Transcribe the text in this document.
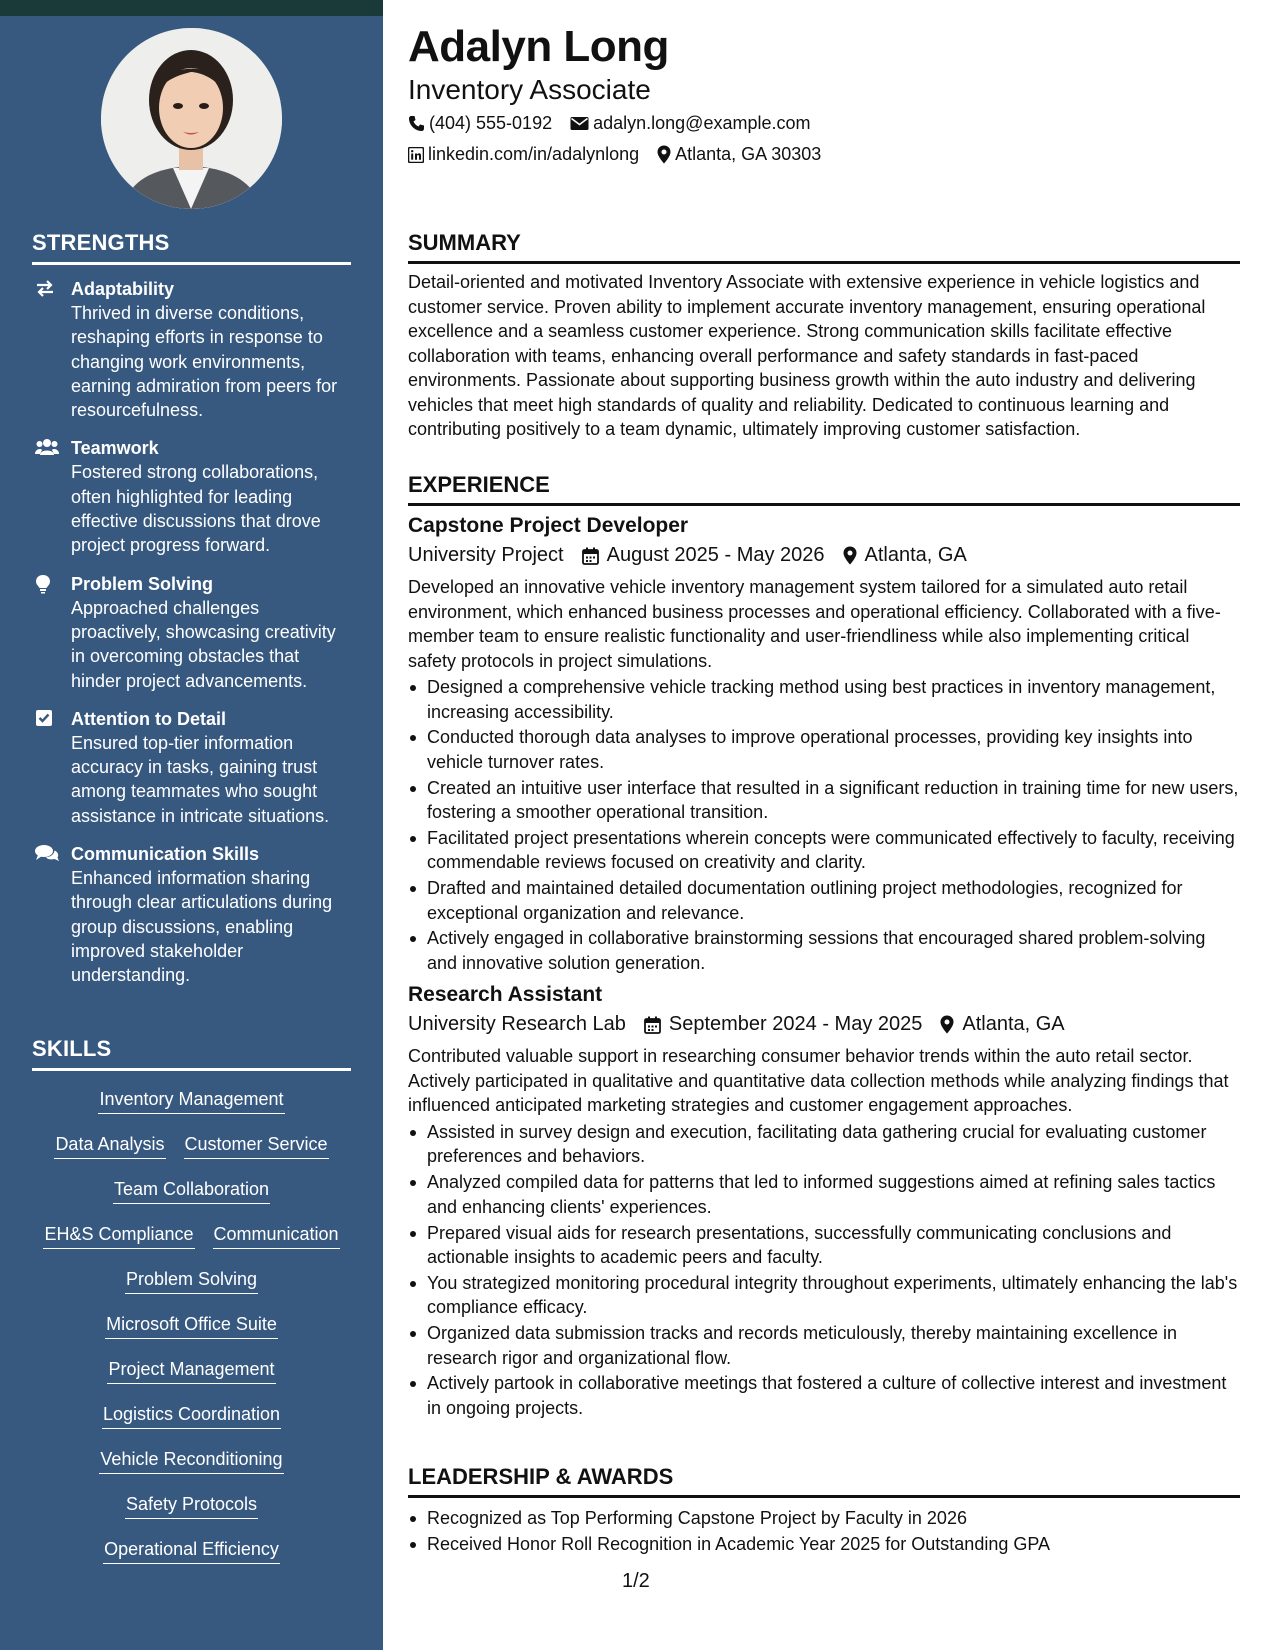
STRENGTHS
Adaptability
Thrived in diverse conditions, reshaping efforts in response to changing work environments, earning admiration from peers for resourcefulness.
Teamwork
Fostered strong collaborations, often highlighted for leading effective discussions that drove project progress forward.
Problem Solving
Approached challenges proactively, showcasing creativity in overcoming obstacles that hinder project advancements.
Attention to Detail
Ensured top-tier information accuracy in tasks, gaining trust among teammates who sought assistance in intricate situations.
Communication Skills
Enhanced information sharing through clear articulations during group discussions, enabling improved stakeholder understanding.
SKILLS
Inventory Management
Data Analysis Customer Service
Team Collaboration
EH&S Compliance Communication
Problem Solving
Microsoft Office Suite
Project Management
Logistics Coordination
Vehicle Reconditioning
Safety Protocols
Operational Efficiency
Adalyn Long
Inventory Associate
(404) 555-0192 adalyn.long@example.com
linkedin.com/in/adalynlong Atlanta, GA 30303
SUMMARY
Detail-oriented and motivated Inventory Associate with extensive experience in vehicle logistics and customer service. Proven ability to implement accurate inventory management, ensuring operational excellence and a seamless customer experience. Strong communication skills facilitate effective collaboration with teams, enhancing overall performance and safety standards in fast-paced environments. Passionate about supporting business growth within the auto industry and delivering vehicles that meet high standards of quality and reliability. Dedicated to continuous learning and contributing positively to a team dynamic, ultimately improving customer satisfaction.
EXPERIENCE
Capstone Project Developer
University Project August 2025 - May 2026 Atlanta, GA
Developed an innovative vehicle inventory management system tailored for a simulated auto retail environment, which enhanced business processes and operational efficiency. Collaborated with a five-member team to ensure realistic functionality and user-friendliness while also implementing critical safety protocols in project simulations.
Designed a comprehensive vehicle tracking method using best practices in inventory management, increasing accessibility.
Conducted thorough data analyses to improve operational processes, providing key insights into vehicle turnover rates.
Created an intuitive user interface that resulted in a significant reduction in training time for new users, fostering a smoother operational transition.
Facilitated project presentations wherein concepts were communicated effectively to faculty, receiving commendable reviews focused on creativity and clarity.
Drafted and maintained detailed documentation outlining project methodologies, recognized for exceptional organization and relevance.
Actively engaged in collaborative brainstorming sessions that encouraged shared problem-solving and innovative solution generation.
Research Assistant
University Research Lab September 2024 - May 2025 Atlanta, GA
Contributed valuable support in researching consumer behavior trends within the auto retail sector. Actively participated in qualitative and quantitative data collection methods while analyzing findings that influenced anticipated marketing strategies and customer engagement approaches.
Assisted in survey design and execution, facilitating data gathering crucial for evaluating customer preferences and behaviors.
Analyzed compiled data for patterns that led to informed suggestions aimed at refining sales tactics and enhancing clients' experiences.
Prepared visual aids for research presentations, successfully communicating conclusions and actionable insights to academic peers and faculty.
You strategized monitoring procedural integrity throughout experiments, ultimately enhancing the lab's compliance efficacy.
Organized data submission tracks and records meticulously, thereby maintaining excellence in research rigor and organizational flow.
Actively partook in collaborative meetings that fostered a culture of collective interest and investment in ongoing projects.
LEADERSHIP & AWARDS
Recognized as Top Performing Capstone Project by Faculty in 2026
Received Honor Roll Recognition in Academic Year 2025 for Outstanding GPA
1/2
